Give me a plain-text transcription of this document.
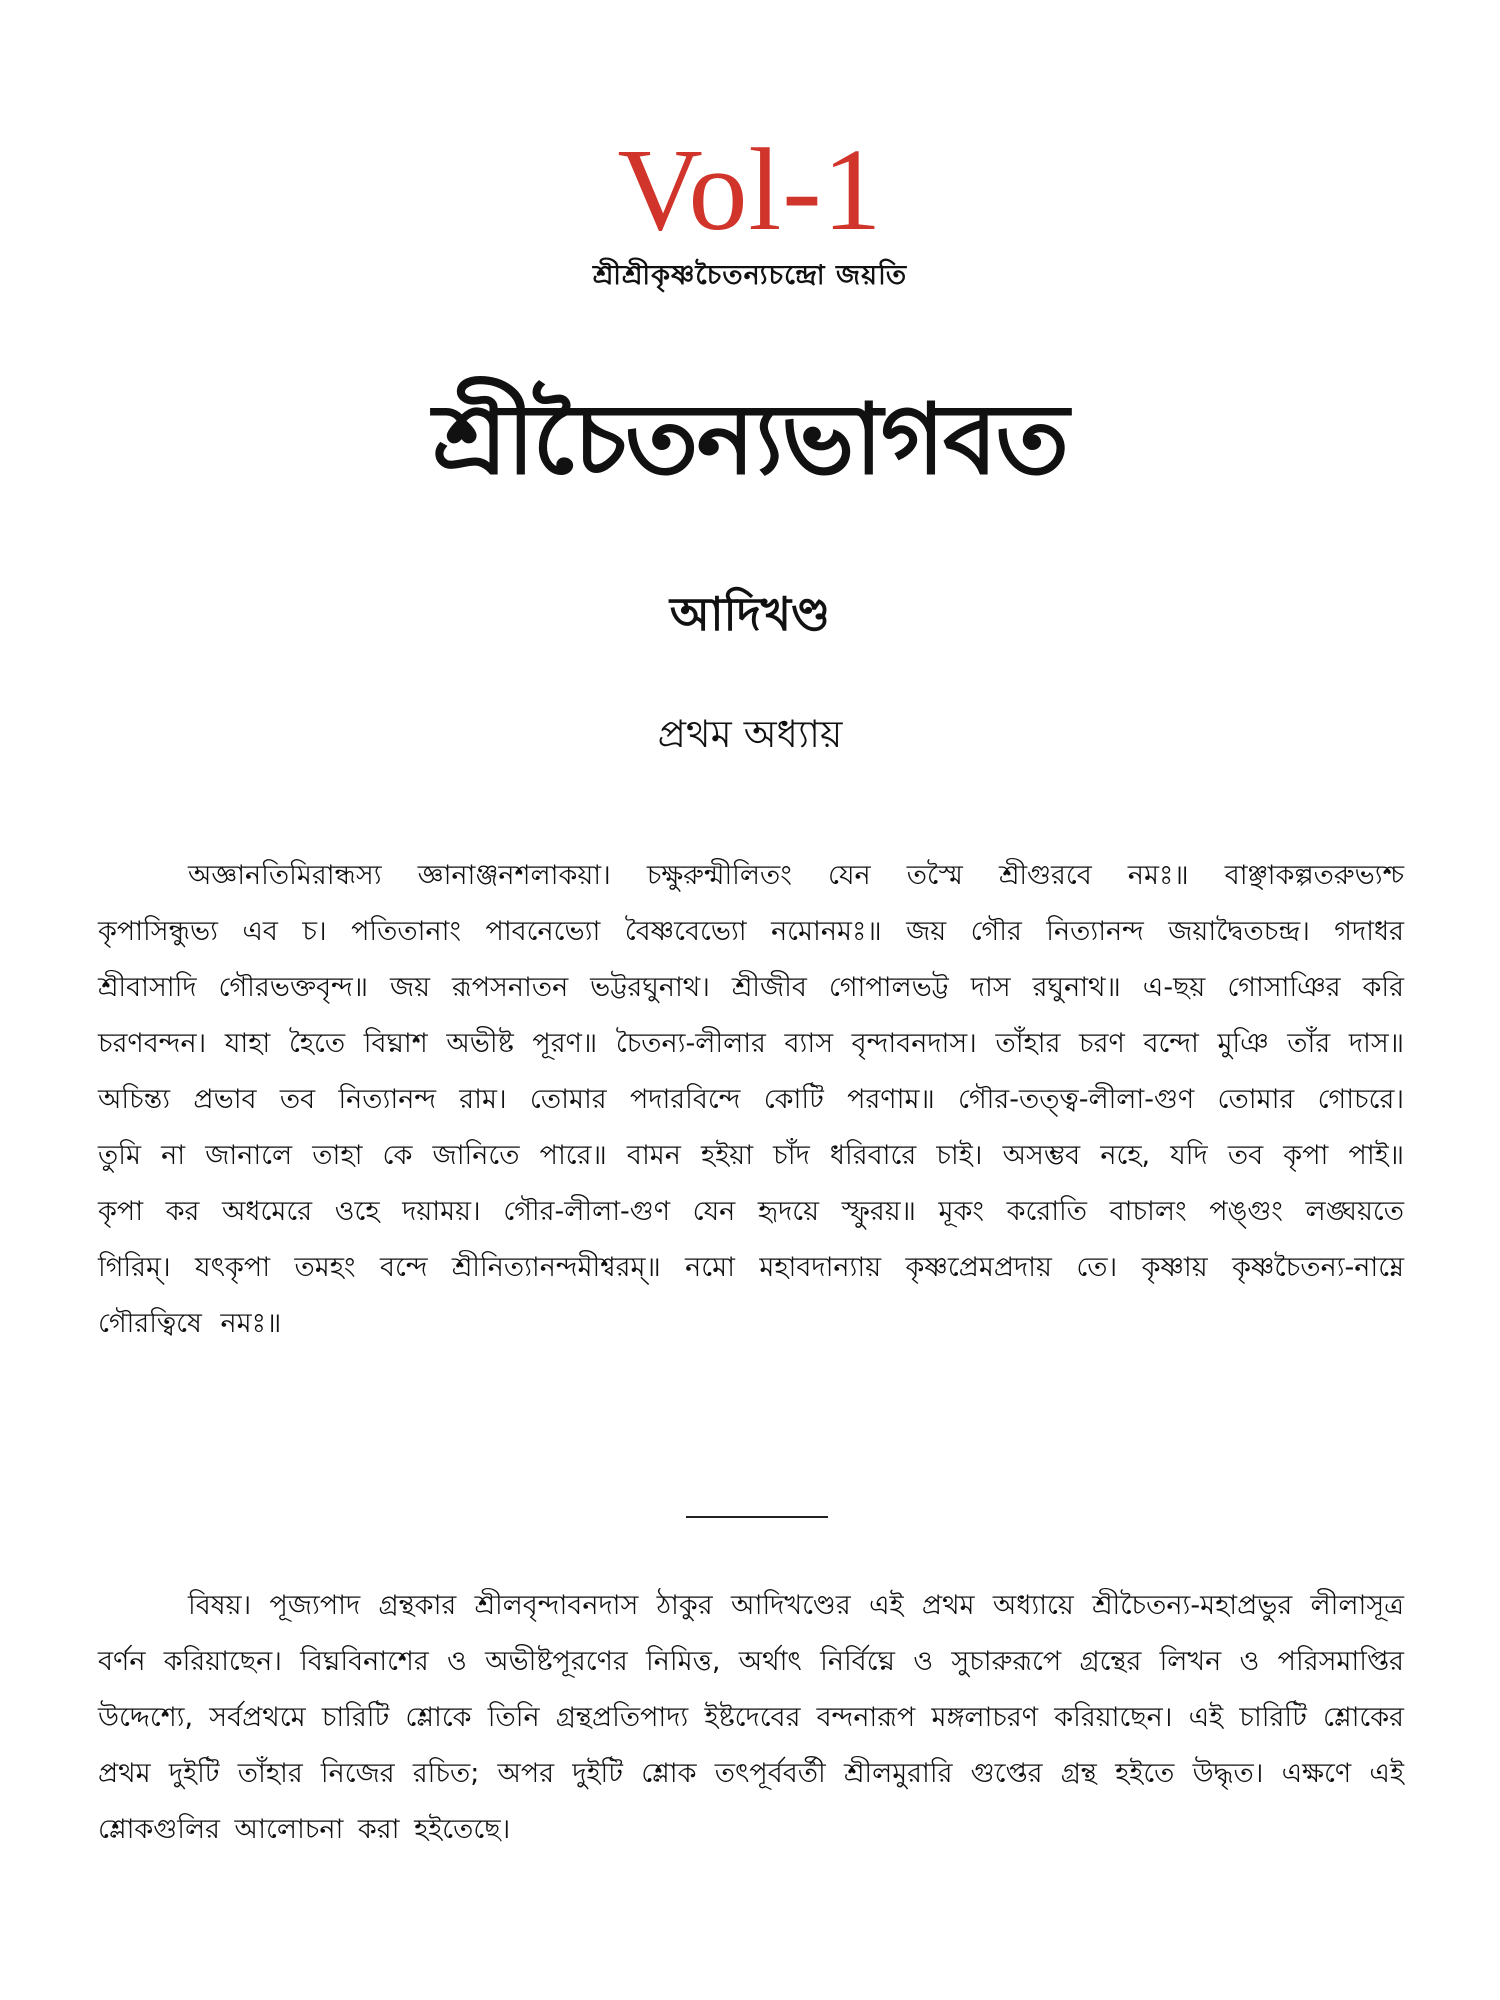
Vol-1
শ্রীশ্রীকৃষ্ণচৈতন্যচন্দ্রো জয়তি
শ্রীচৈতন্যভাগবত
আদিখণ্ড
প্রথম অধ্যায়

অজ্ঞানতিমিরান্ধস্য জ্ঞানাঞ্জনশলাকয়া। চক্ষুরুন্মীলিতং যেন তস্মৈ শ্রীগুরবে নমঃ॥ বাঞ্ছাকল্পতরুভ্যশ্চ কৃপাসিন্ধুভ্য এব চ। পতিতানাং পাবনেভ্যো বৈষ্ণবেভ্যো নমোনমঃ॥ জয় গৌর নিত্যানন্দ জয়াদ্বৈতচন্দ্র। গদাধর শ্রীবাসাদি গৌরভক্তবৃন্দ॥ জয় রূপসনাতন ভট্টরঘুনাথ। শ্রীজীব গোপালভট্ট দাস রঘুনাথ॥ এ-ছয় গোসাঞির করি চরণবন্দন। যাহা হৈতে বিঘ্নাশ অভীষ্ট পূরণ॥ চৈতন্য-লীলার ব্যাস বৃন্দাবনদাস। তাঁহার চরণ বন্দো মুঞি তাঁর দাস॥ অচিন্ত্য প্রভাব তব নিত্যানন্দ রাম। তোমার পদারবিন্দে কোটি পরণাম॥ গৌর-তত্ত্ব-লীলা-গুণ তোমার গোচরে। তুমি না জানালে তাহা কে জানিতে পারে॥ বামন হইয়া চাঁদ ধরিবারে চাই। অসম্ভব নহে, যদি তব কৃপা পাই॥ কৃপা কর অধমেরে ওহে দয়াময়। গৌর-লীলা-গুণ যেন হৃদয়ে স্ফুরয়॥ মূকং করোতি বাচালং পঙ্গুং লঙ্ঘয়তে গিরিম্। যৎকৃপা তমহং বন্দে শ্রীনিত্যানন্দমীশ্বরম্॥ নমো মহাবদান্যায় কৃষ্ণপ্রেমপ্রদায় তে। কৃষ্ণায় কৃষ্ণচৈতন্য-নাম্নে গৌরত্বিষে নমঃ॥

বিষয়। পূজ্যপাদ গ্রন্থকার শ্রীলবৃন্দাবনদাস ঠাকুর আদিখণ্ডের এই প্রথম অধ্যায়ে শ্রীচৈতন্য-মহাপ্রভুর লীলাসূত্র বর্ণন করিয়াছেন। বিঘ্নবিনাশের ও অভীষ্টপূরণের নিমিত্ত, অর্থাৎ নির্বিঘ্নে ও সুচারুরূপে গ্রন্থের লিখন ও পরিসমাপ্তির উদ্দেশ্যে, সর্বপ্রথমে চারিটি শ্লোকে তিনি গ্রন্থপ্রতিপাদ্য ইষ্টদেবের বন্দনারূপ মঙ্গলাচরণ করিয়াছেন। এই চারিটি শ্লোকের প্রথম দুইটি তাঁহার নিজের রচিত; অপর দুইটি শ্লোক তৎপূর্ববর্তী শ্রীলমুরারি গুপ্তের গ্রন্থ হইতে উদ্ধৃত। এক্ষণে এই শ্লোকগুলির আলোচনা করা হইতেছে।
